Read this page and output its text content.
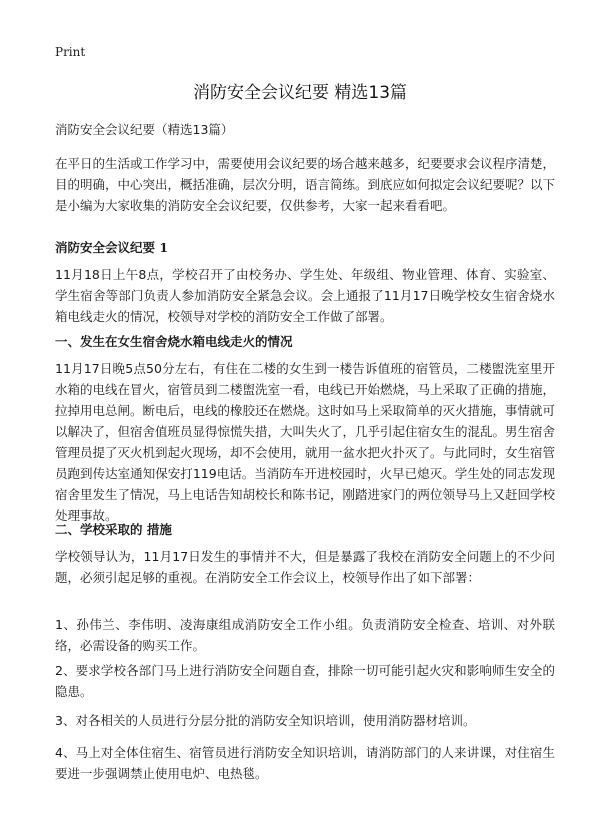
Print
消防安全会议纪要 精选13篇
消防安全会议纪要（精选13篇）

在平日的生活或工作学习中，需要使用会议纪要的场合越来越多，纪要要求会议程序清楚，目的明确，中心突出，概括准确，层次分明，语言简练。到底应如何拟定会议纪要呢？以下是小编为大家收集的消防安全会议纪要，仅供参考，大家一起来看看吧。

消防安全会议纪要 1

11月18日上午8点，学校召开了由校务办、学生处、年级组、物业管理、体育、实验室、学生宿舍等部门负责人参加消防安全紧急会议。会上通报了11月17日晚学校女生宿舍烧水箱电线走火的情况，校领导对学校的消防安全工作做了部署。

一、发生在女生宿舍烧水箱电线走火的情况

11月17日晚5点50分左右，有住在二楼的女生到一楼告诉值班的宿管员，二楼盥洗室里开水箱的电线在冒火，宿管员到二楼盥洗室一看，电线已开始燃烧，马上采取了正确的措施，拉掉用电总闸。断电后，电线的橡胶还在燃烧。这时如马上采取简单的灭火措施，事情就可以解决了，但宿舍值班员显得惊慌失措，大叫失火了，几乎引起住宿女生的混乱。男生宿舍管理员提了灭火机到起火现场，却不会使用，就用一盆水把火扑灭了。与此同时，女生宿管员跑到传达室通知保安打119电话。当消防车开进校园时，火早已熄灭。学生处的同志发现宿舍里发生了情况，马上电话告知胡校长和陈书记，刚踏进家门的两位领导马上又赶回学校处理事故。

二、学校采取的 措施

学校领导认为，11月17日发生的事情并不大，但是暴露了我校在消防安全问题上的不少问题，必须引起足够的重视。在消防安全工作会议上，校领导作出了如下部署：

1、孙伟兰、李伟明、凌海康组成消防安全工作小组。负责消防安全检查、培训、对外联络，必需设备的购买工作。

2、要求学校各部门马上进行消防安全问题自查，排除一切可能引起火灾和影响师生安全的隐患。

3、对各相关的人员进行分层分批的消防安全知识培训，使用消防器材培训。

4、马上对全体住宿生、宿管员进行消防安全知识培训，请消防部门的人来讲课，对住宿生要进一步强调禁止使用电炉、电热毯。
